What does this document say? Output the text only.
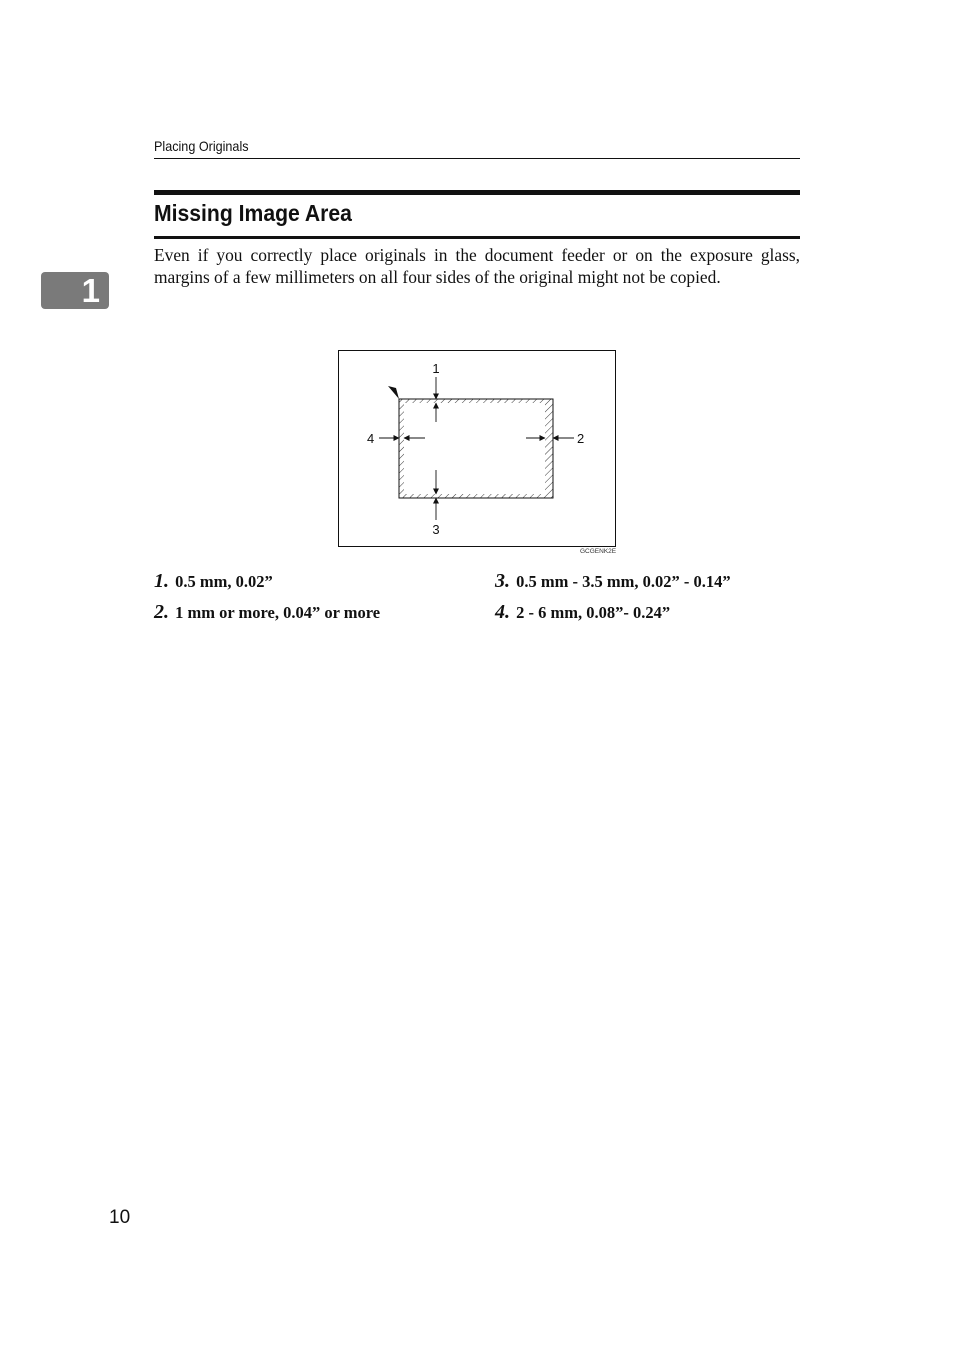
Placing Originals
1
Missing Image Area
Even if you correctly place originals in the document feeder or on the exposure glass, margins of a few millimeters on all four sides of the original might not be copied.
1
2
3
4
GCGENK2E
1. 0.5 mm, 0.02”
2. 1 mm or more, 0.04” or more
3. 0.5 mm - 3.5 mm, 0.02” - 0.14”
4. 2 - 6 mm, 0.08”- 0.24”
10
